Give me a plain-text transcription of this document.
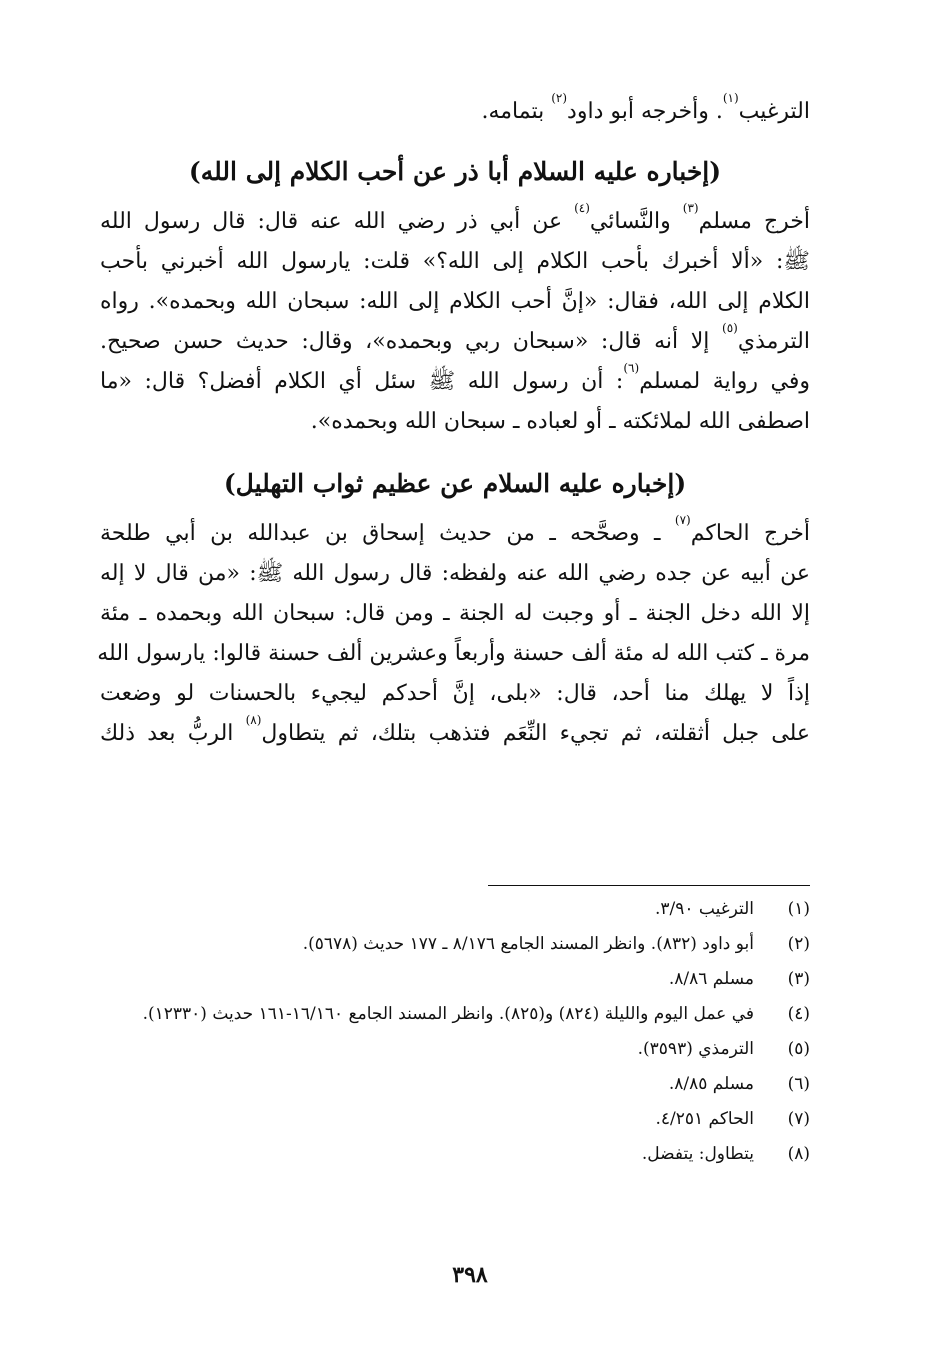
الترغيب$^{(١)}$. وأخرجه أبو داود$^{(٢)}$ بتمامه.
(إخباره عليه السلام أبا ذر عن أحب الكلام إلى الله)
أخرج مسلم$^{(٣)}$ والنَّسائي$^{(٤)}$ عن أبي ذر رضي الله عنه قال: قال رسول الله
ﷺ: «ألا أخبرك بأحب الكلام إلى الله؟» قلت: يارسول الله أخبرني بأحب
الكلام إلى الله، فقال: «إنَّ أحب الكلام إلى الله: سبحان الله وبحمده». رواه
الترمذي$^{(٥)}$ إلا أنه قال: «سبحان ربي وبحمده»، وقال: حديث حسن صحيح.
وفي رواية لمسلم$^{(٦)}$: أن رسول الله ﷺ سئل أي الكلام أفضل؟ قال: «ما
اصطفى الله لملائكته ـ أو لعباده ـ سبحان الله وبحمده».
(إخباره عليه السلام عن عظيم ثواب التهليل)
أخرج الحاكم$^{(٧)}$ ـ وصحَّحه ـ من حديث إسحاق بن عبدالله بن أبي طلحة
عن أبيه عن جده رضي الله عنه ولفظه: قال رسول الله ﷺ: «من قال لا إله
إلا الله دخل الجنة ـ أو وجبت له الجنة ـ ومن قال: سبحان الله وبحمده ـ مئة
مرة ـ كتب الله له مئة ألف حسنة وأربعاً وعشرين ألف حسنة قالوا: يارسول الله
إذاً لا يهلك منا أحد، قال: «بلى، إنَّ أحدكم ليجيء بالحسنات لو وضعت
على جبل أثقلته، ثم تجيء النِّعَم فتذهب بتلك، ثم يتطاول$^{(٨)}$ الربُّ بعد ذلك
(١)
الترغيب ٣/٩٠.
(٢)
أبو داود (٨٣٢). وانظر المسند الجامع ٨/١٧٦ ـ ١٧٧ حديث (٥٦٧٨).
(٣)
مسلم ٨/٨٦.
(٤)
في عمل اليوم والليلة (٨٢٤) و(٨٢٥). وانظر المسند الجامع ١٦/١٦٠-١٦١ حديث (١٢٣٣٠).
(٥)
الترمذي (٣٥٩٣).
(٦)
مسلم ٨/٨٥.
(٧)
الحاكم ٤/٢٥١.
(٨)
يتطاول: يتفضل.
٣٩٨
